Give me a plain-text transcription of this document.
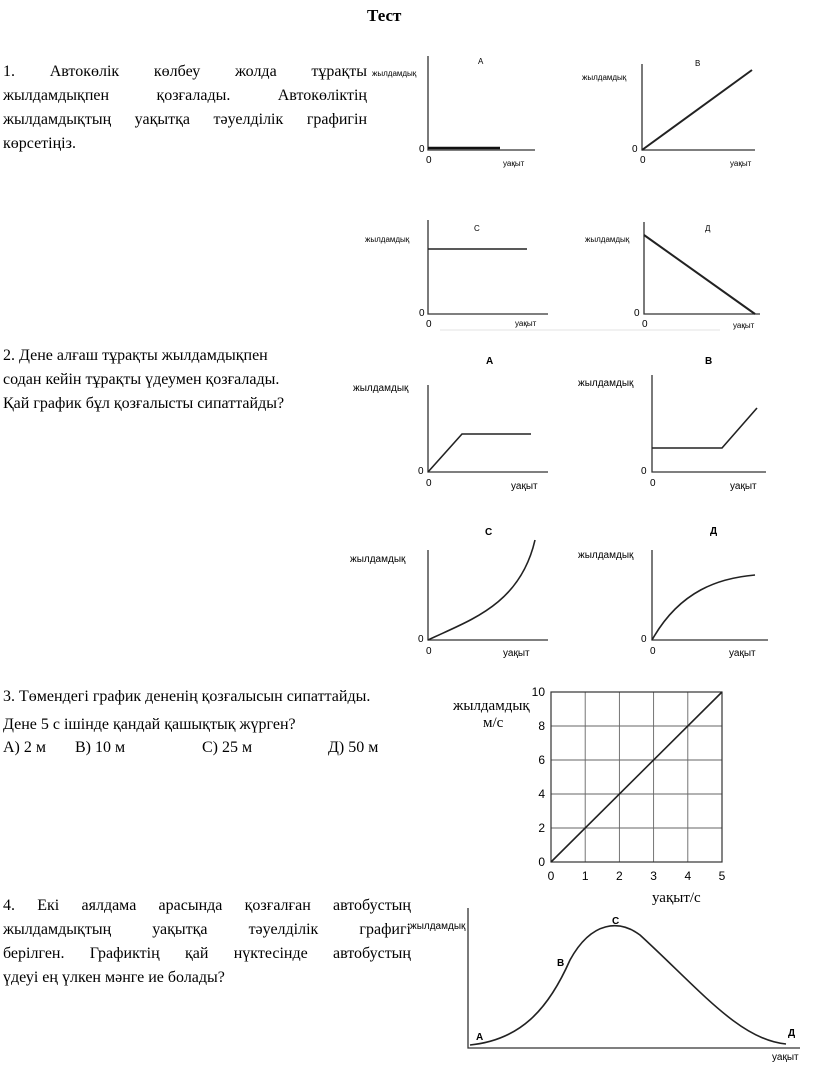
Тест
1. Автокөлік көлбеу жолда тұрақты
жылдамдықпен қозғалады. Автокөліктің
жылдамдықтың уақытқа тәуелділік графигін
көрсетіңіз.
А
жылдамдық
0
0	уақыт
В
жылдамдық
0
0	уақыт
С
жылдамдық
0
0	уақыт
Д
жылдамдық
0
0	уақыт
2. Дене алғаш тұрақты жылдамдықпен
содан кейін тұрақты үдеумен қозғалады.
Қай график бұл қозғалысты сипаттайды?
А
жылдамдық
0
0	уақыт
В
жылдамдық
0
0	уақыт
С
жылдамдық
0
0	уақыт
Д
жылдамдық
0
0	уақыт
3. Төмендегі график дененің қозғалысын сипаттайды.
Дене 5 с ішінде қандай қашықтық жүрген?
А) 2 м В) 10 м	С) 25 м	Д) 50 м
жылдамдық
м/с
уақыт/с
0 1 2 3 4 5
0
2
4
6
8
10
4. Екі аялдама арасында қозғалған автобустың
жылдамдықтың уақытқа тәуелділік графигі
берілген. Графиктің қай нүктесінде автобустың
үдеуі ең үлкен мәнге ие болады?
жылдамдық
уақыт
А
В
С
Д
